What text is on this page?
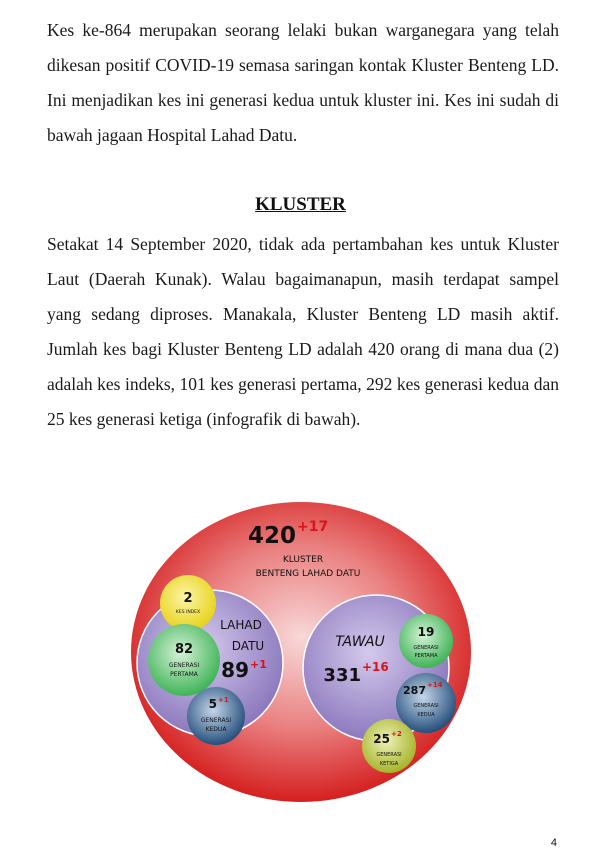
Kes ke-864 merupakan seorang lelaki bukan warganegara yang telah dikesan positif COVID-19 semasa saringan kontak Kluster Benteng LD. Ini menjadikan kes ini generasi kedua untuk kluster ini. Kes ini sudah di bawah jagaan Hospital Lahad Datu.

KLUSTER

Setakat 14 September 2020, tidak ada pertambahan kes untuk Kluster Laut (Daerah Kunak). Walau bagaimanapun, masih terdapat sampel yang sedang diproses. Manakala, Kluster Benteng LD masih aktif. Jumlah kes bagi Kluster Benteng LD adalah 420 orang di mana dua (2) adalah kes indeks, 101 kes generasi pertama, 292 kes generasi kedua dan 25 kes generasi ketiga (infografik di bawah).

420 +17
KLUSTER
BENTENG LAHAD DATU
LAHAD
DATU
89 +1
2
KES INDEX
82
GENERASI
PERTAMA
5 +1
GENERASI
KEDUA
TAWAU
331 +16
19
GENERASI
PERTAMA
287 +14
GENERASI
KEDUA
25 +2
GENERASI
KETIGA
4
